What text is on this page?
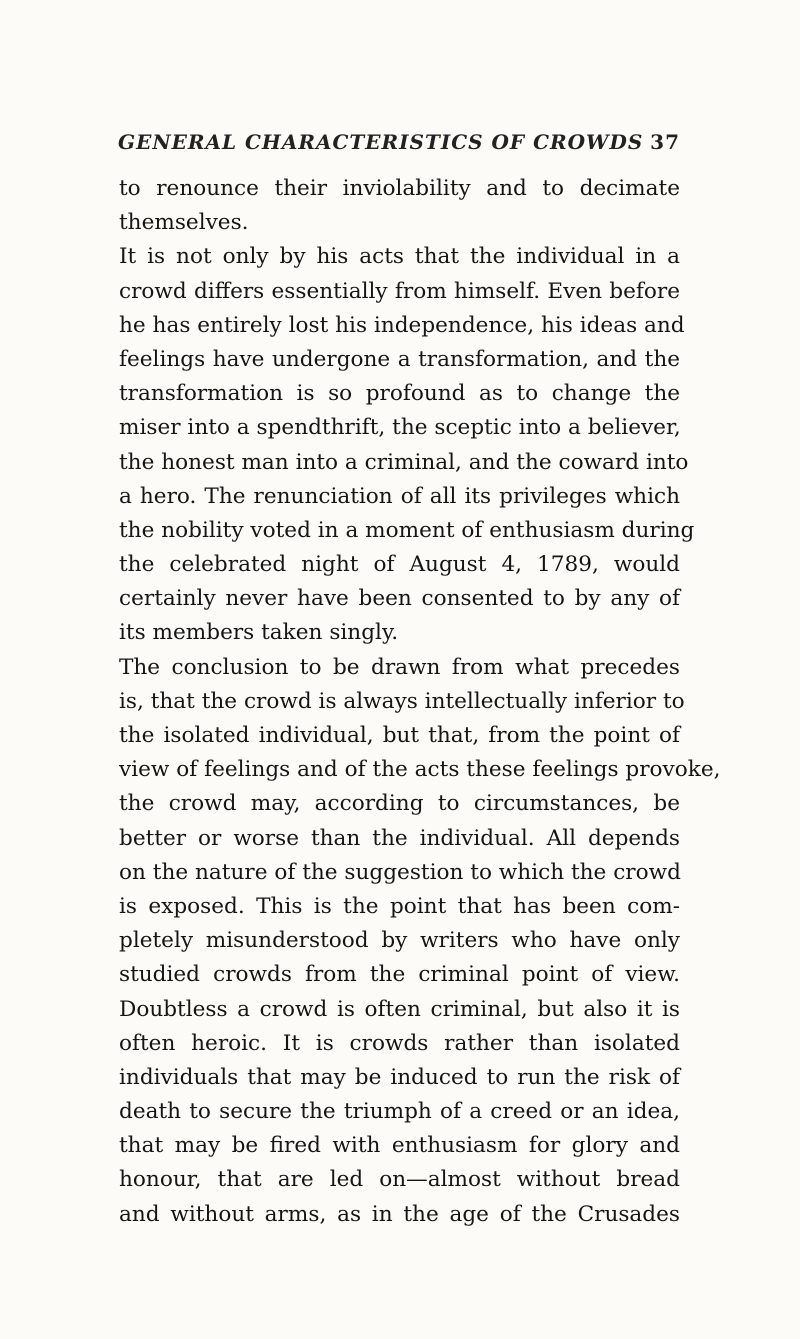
GENERAL CHARACTERISTICS OF CROWDS 37
to renounce their inviolability and to decimate
themselves.
It is not only by his acts that the individual in a
crowd differs essentially from himself. Even before
he has entirely lost his independence, his ideas and
feelings have undergone a transformation, and the
transformation is so profound as to change the
miser into a spendthrift, the sceptic into a believer,
the honest man into a criminal, and the coward into
a hero. The renunciation of all its privileges which
the nobility voted in a moment of enthusiasm during
the celebrated night of August 4, 1789, would
certainly never have been consented to by any of
its members taken singly.
The conclusion to be drawn from what precedes
is, that the crowd is always intellectually inferior to
the isolated individual, but that, from the point of
view of feelings and of the acts these feelings provoke,
the crowd may, according to circumstances, be
better or worse than the individual. All depends
on the nature of the suggestion to which the crowd
is exposed. This is the point that has been com-
pletely misunderstood by writers who have only
studied crowds from the criminal point of view.
Doubtless a crowd is often criminal, but also it is
often heroic. It is crowds rather than isolated
individuals that may be induced to run the risk of
death to secure the triumph of a creed or an idea,
that may be fired with enthusiasm for glory and
honour, that are led on—almost without bread
and without arms, as in the age of the Crusades
